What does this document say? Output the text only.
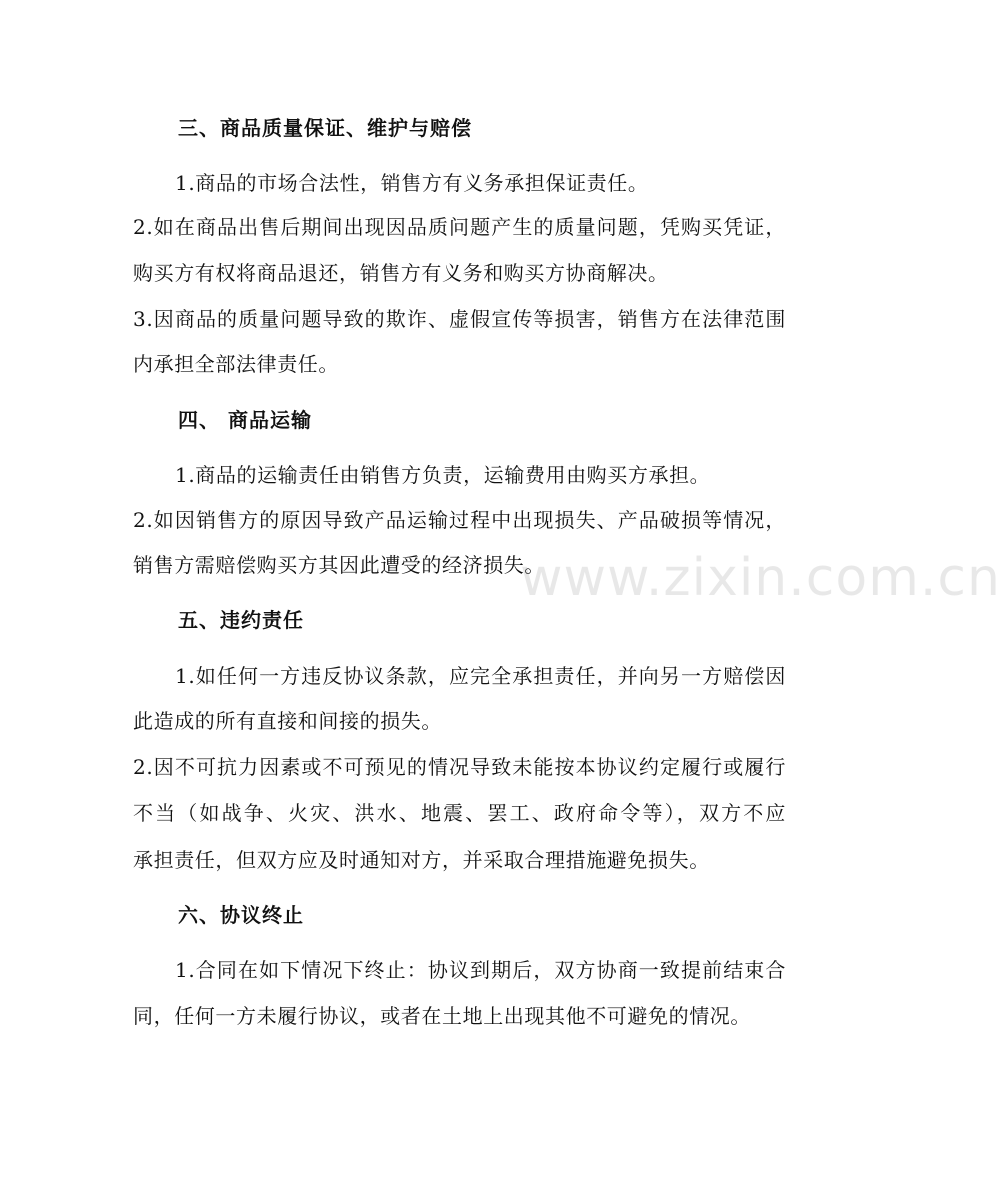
三、商品质量保证、维护与赔偿
1.商品的市场合法性，销售方有义务承担保证责任。
2.如在商品出售后期间出现因品质问题产生的质量问题，凭购买凭证，
购买方有权将商品退还，销售方有义务和购买方协商解决。
3.因商品的质量问题导致的欺诈、虚假宣传等损害，销售方在法律范围
内承担全部法律责任。
四、 商品运输
1.商品的运输责任由销售方负责，运输费用由购买方承担。
2.如因销售方的原因导致产品运输过程中出现损失、产品破损等情况，
销售方需赔偿购买方其因此遭受的经济损失。
五、违约责任
1.如任何一方违反协议条款，应完全承担责任，并向另一方赔偿因
此造成的所有直接和间接的损失。
2.因不可抗力因素或不可预见的情况导致未能按本协议约定履行或履行
不当（如战争、火灾、洪水、地震、罢工、政府命令等），双方不应
承担责任，但双方应及时通知对方，并采取合理措施避免损失。
六、协议终止
1.合同在如下情况下终止：协议到期后，双方协商一致提前结束合
同，任何一方未履行协议，或者在土地上出现其他不可避免的情况。
www.zixin.com.cn
